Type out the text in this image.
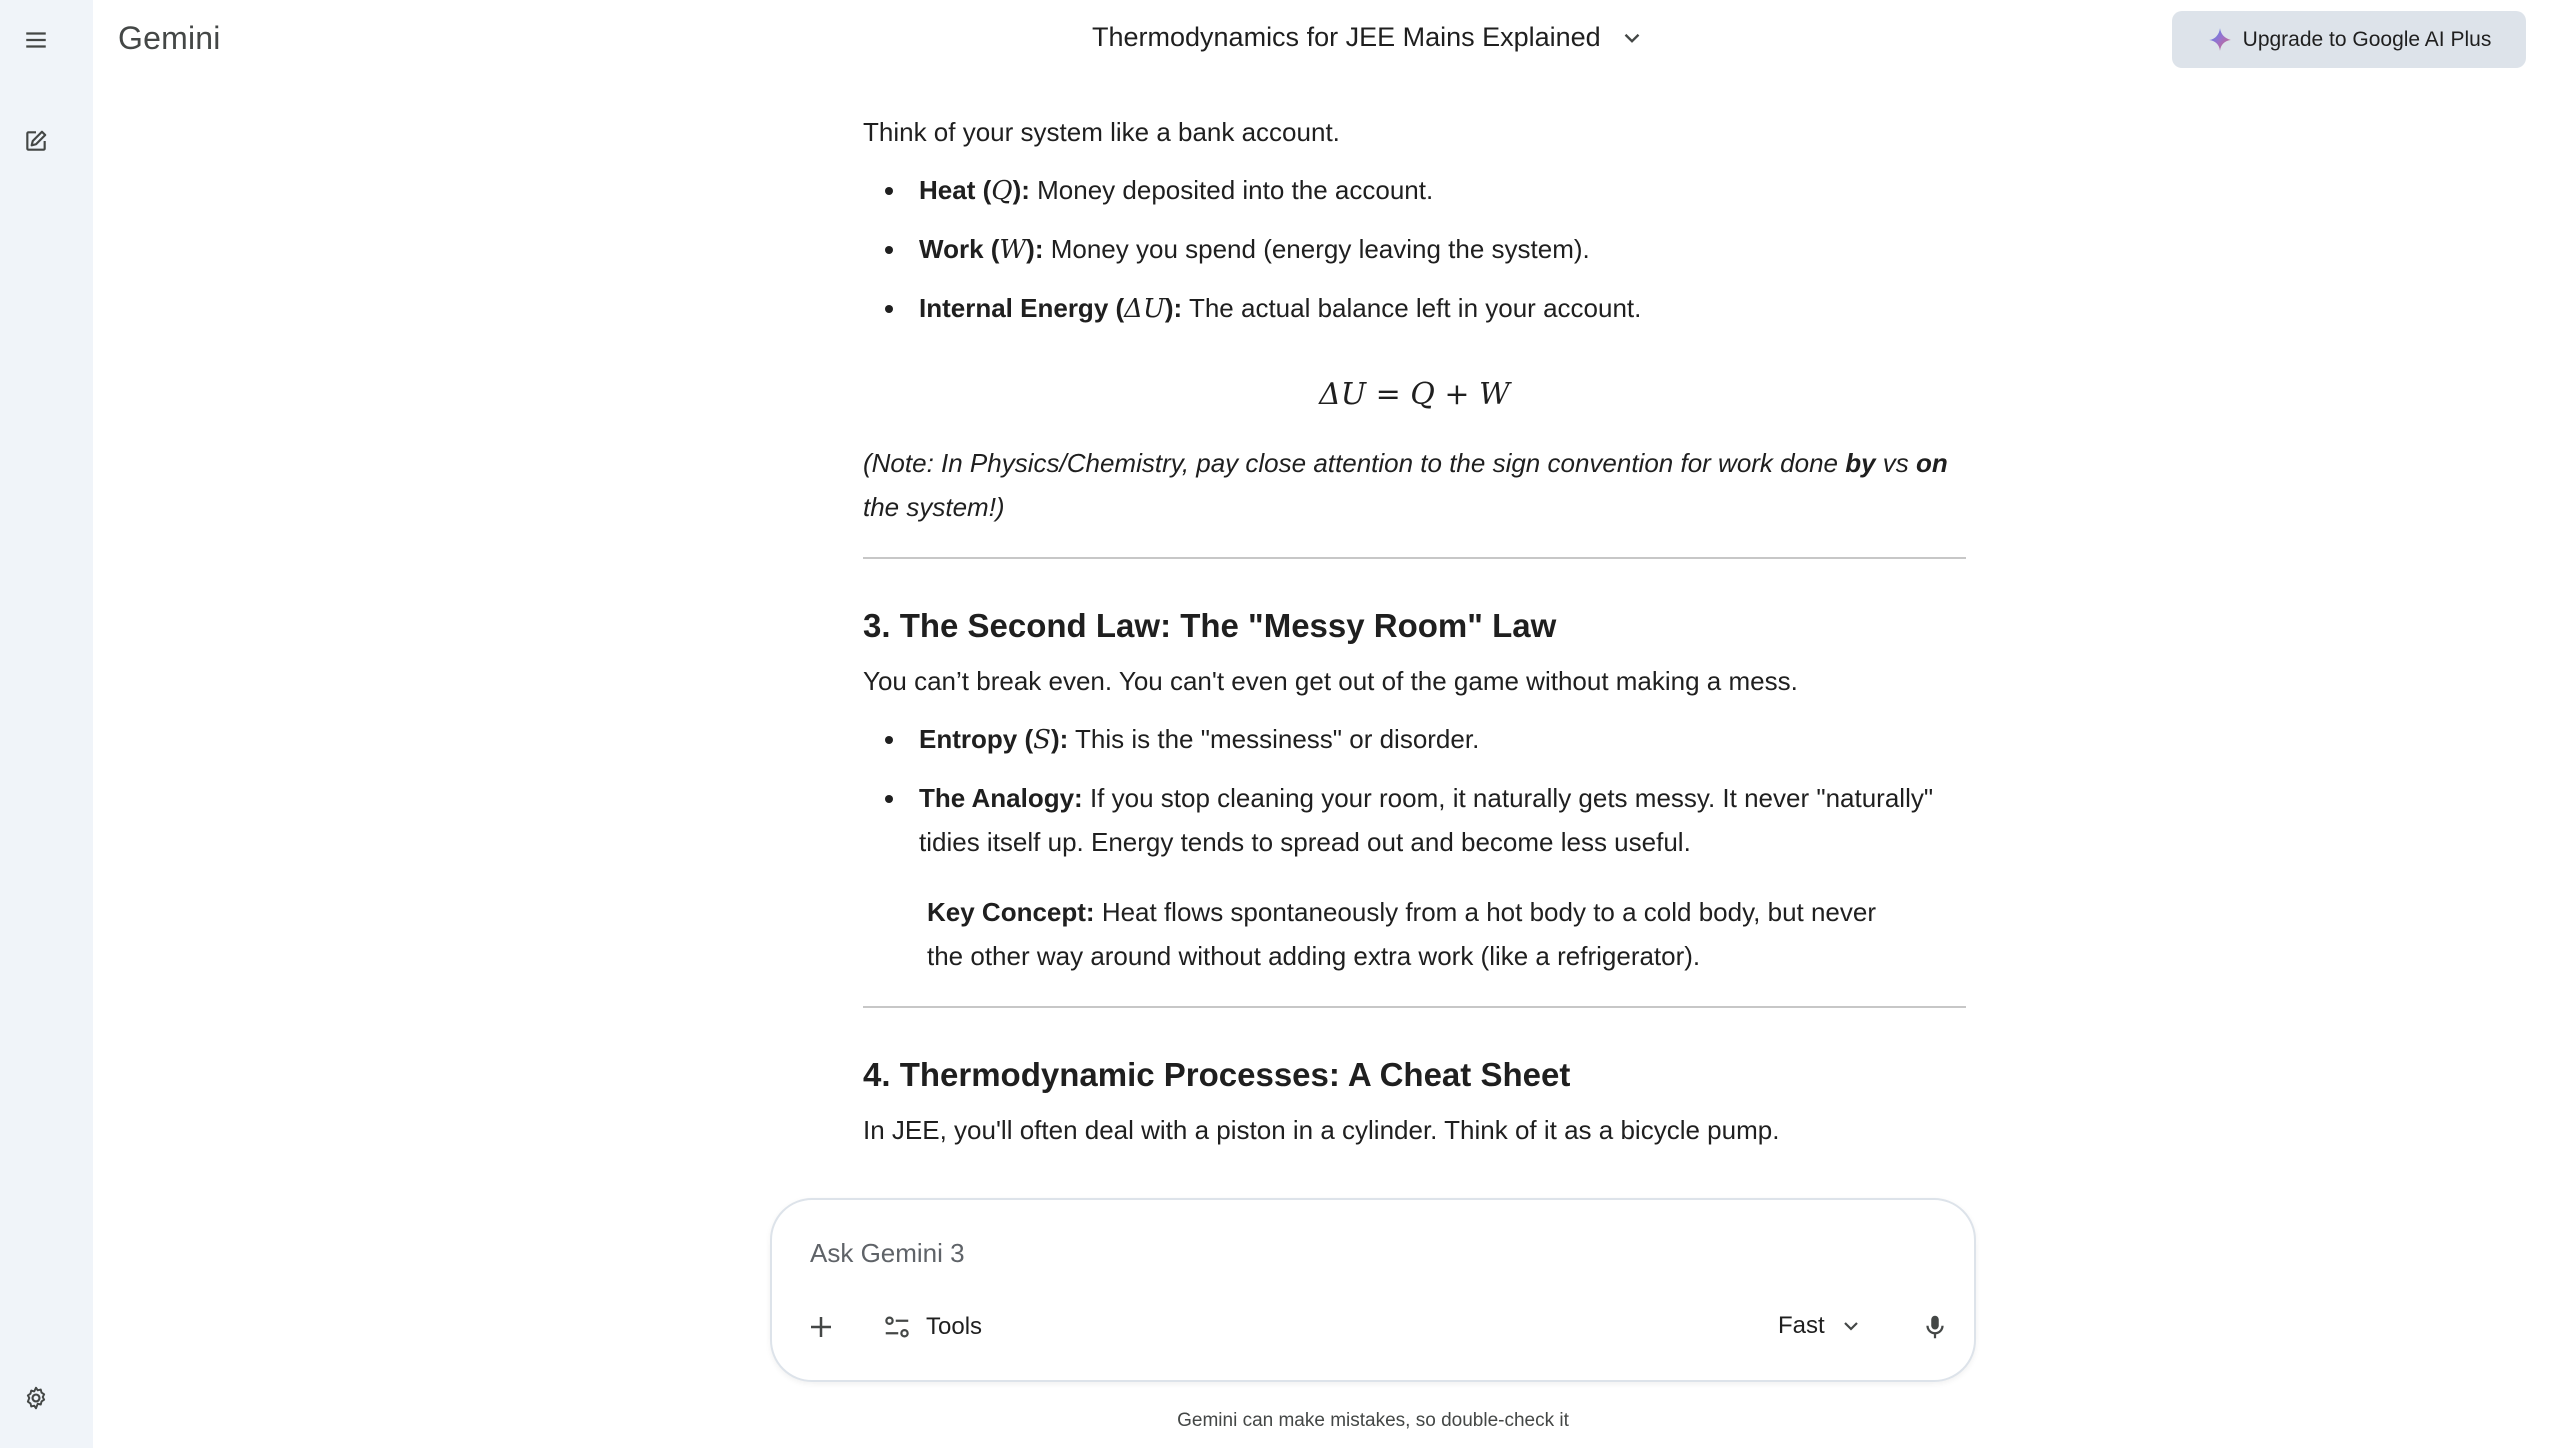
Gemini	Thermodynamics for JEE Mains Explained	Upgrade to Google AI Plus

Think of your system like a bank account.

Heat (Q): Money deposited into the account.
Work (W): Money you spend (energy leaving the system).
Internal Energy (ΔU): The actual balance left in your account.
ΔU = Q + W

(Note: In Physics/Chemistry, pay close attention to the sign convention for work done by vs on the system!)

3. The Second Law: The "Messy Room" Law

You can’t break even. You can't even get out of the game without making a mess.

Entropy (S): This is the "messiness" or disorder.
The Analogy: If you stop cleaning your room, it naturally gets messy. It never "naturally" tidies itself up. Energy tends to spread out and become less useful.

Key Concept: Heat flows spontaneously from a hot body to a cold body, but never the other way around without adding extra work (like a refrigerator).

4. Thermodynamic Processes: A Cheat Sheet

In JEE, you'll often deal with a piston in a cylinder. Think of it as a bicycle pump.

Ask Gemini 3
Tools	Fast
Gemini can make mistakes, so double-check it
